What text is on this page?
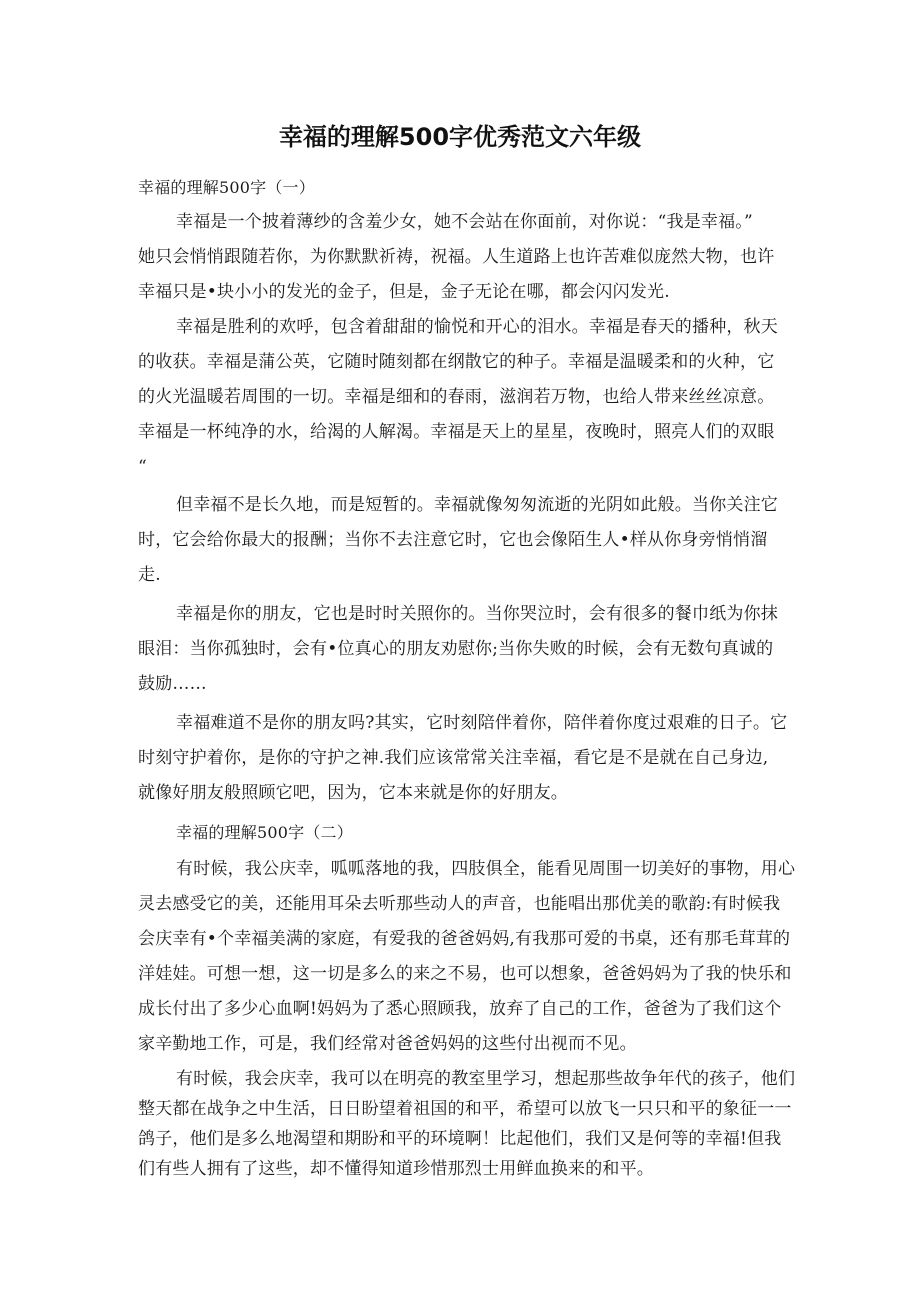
幸福的理解500字优秀范文六年级
幸福的理解500字（一）
幸福是一个披着薄纱的含羞少女，她不会站在你面前，对你说：“我是幸福。”
她只会悄悄跟随若你，为你默默祈祷，祝福。人生道路上也许苦难似庞然大物，也许
幸福只是•块小小的发光的金子，但是，金子无论在哪，都会闪闪发光.
幸福是胜利的欢呼，包含着甜甜的愉悦和开心的泪水。幸福是春天的播种，秋天
的收获。幸福是蒲公英，它随时随刻都在纲散它的种子。幸福是温暖柔和的火种，它
的火光温暖若周围的一切。幸福是细和的春雨，滋润若万物，也给人带来丝丝凉意。
幸福是一杯纯净的水，给渴的人解渴。幸福是天上的星星，夜晚时，照亮人们的双眼
“
但幸福不是长久地，而是短暂的。幸福就像匆匆流逝的光阴如此般。当你关注它
时，它会给你最大的报酬；当你不去注意它时，它也会像陌生人•样从你身旁悄悄溜
走.
幸福是你的朋友，它也是时时关照你的。当你哭泣时，会有很多的餐巾纸为你抹
眼泪：当你孤独时，会有•位真心的朋友劝慰你;当你失败的时候，会有无数句真诚的
鼓励……
幸福难道不是你的朋友吗?其实，它时刻陪伴着你，陪伴着你度过艰难的日子。它
时刻守护着你，是你的守护之神.我们应该常常关注幸福，看它是不是就在自己身边,
就像好朋友般照顾它吧，因为，它本来就是你的好朋友。
幸福的理解500字（二）
有时候，我公庆幸，呱呱落地的我，四肢俱全，能看见周围一切美好的事物，用心
灵去感受它的美，还能用耳朵去听那些动人的声音，也能唱出那优美的歌韵:有时候我
会庆幸有•个幸福美满的家庭，有爱我的爸爸妈妈,有我那可爱的书桌，还有那毛茸茸的
洋娃娃。可想一想，这一切是多么的来之不易，也可以想象，爸爸妈妈为了我的快乐和
成长付出了多少心血啊!妈妈为了悉心照顾我，放弃了自己的工作，爸爸为了我们这个
家辛勤地工作，可是，我们经常对爸爸妈妈的这些付出视而不见。
有时候，我会庆幸，我可以在明亮的教室里学习，想起那些故争年代的孩子，他们
整天都在战争之中生活，日日盼望着祖国的和平，希望可以放飞一只只和平的象征一一
鸽子，他们是多么地渴望和期盼和平的环境啊！比起他们，我们又是何等的幸福!但我
们有些人拥有了这些，却不懂得知道珍惜那烈士用鲜血换来的和平。
